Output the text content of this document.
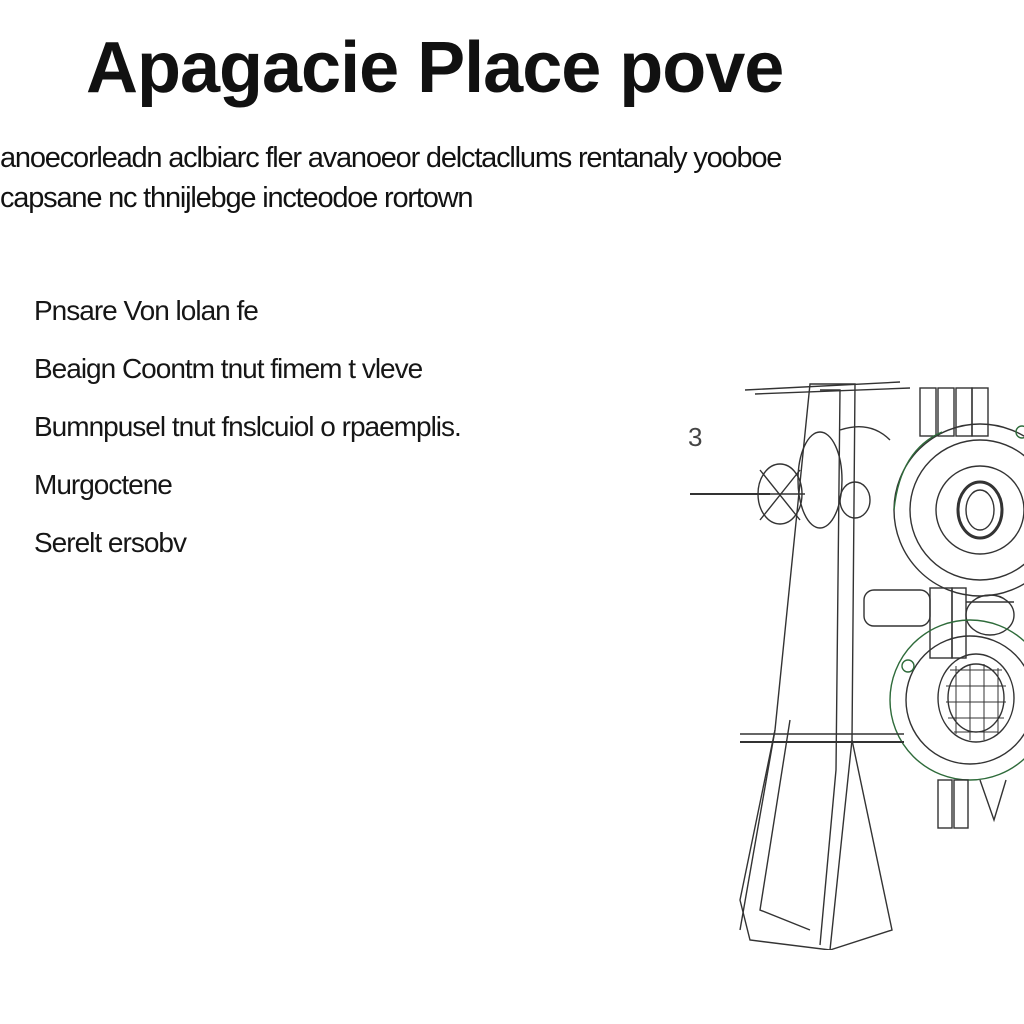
Apagacie Place pove
anoecorleadn aclbiarc fler avanoeor delctacllums rentanaly yooboe
capsane nc thnijlebge incteodoe rortown
Pnsare Von lolan fe
Beaign Coontm tnut fimem t vleve
Bumnpusel tnut fnslcuiol o rpaemplis.
Murgoctene
Serelt ersobv
3
